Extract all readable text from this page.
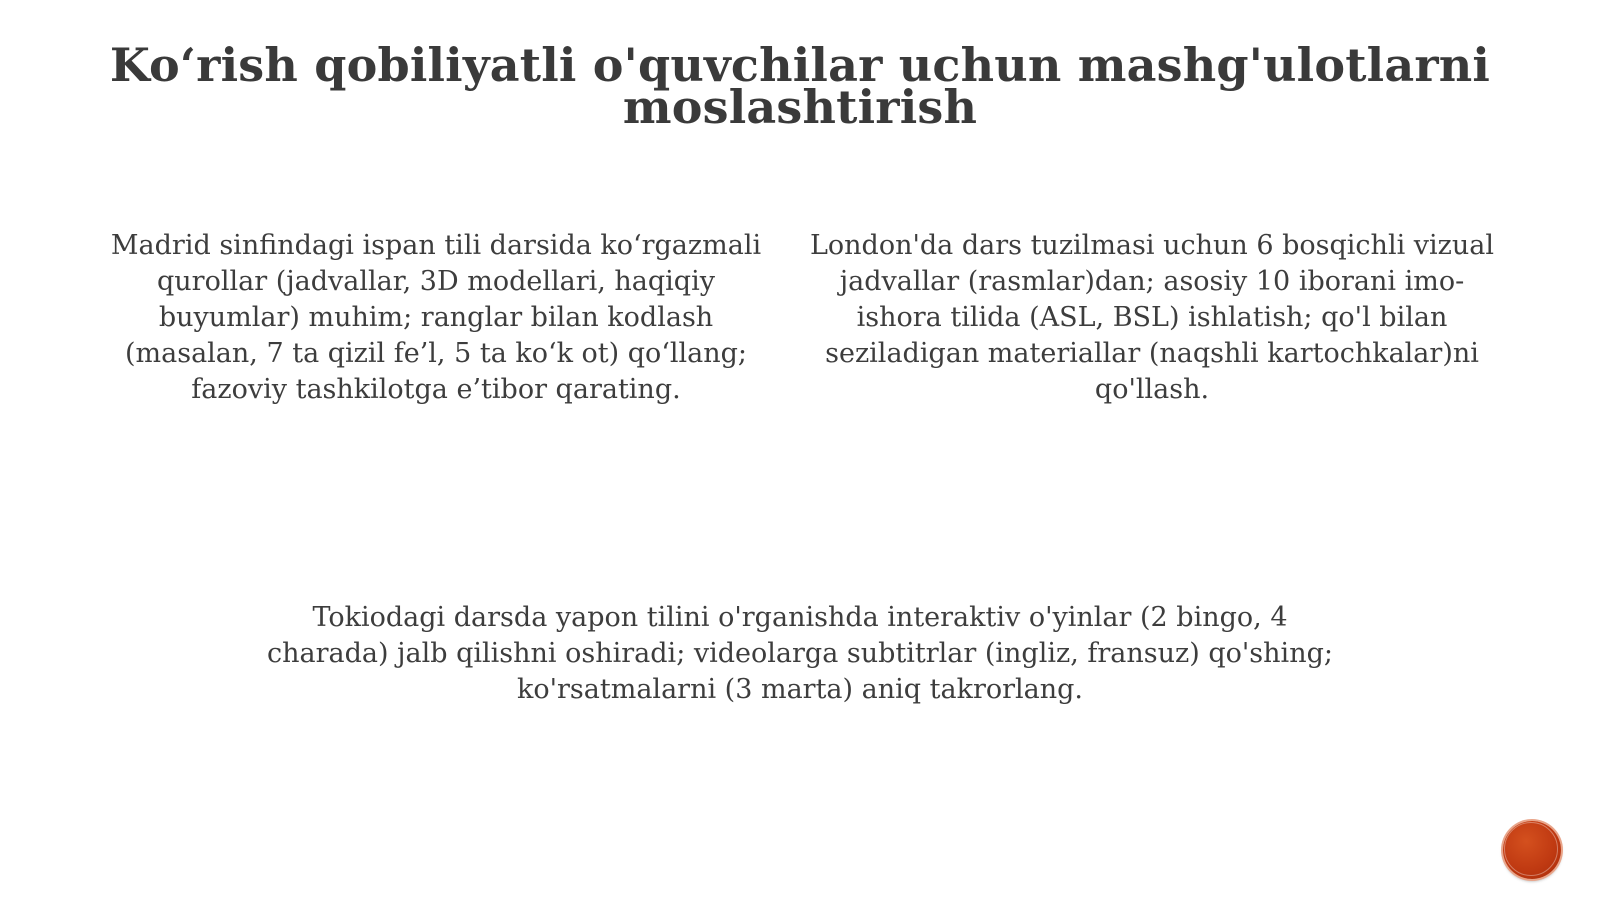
Ko‘rish qobiliyatli o'quvchilar uchun mashg'ulotlarni moslashtirish

Madrid sinfindagi ispan tili darsida ko‘rgazmali qurollar (jadvallar, 3D modellari, haqiqiy buyumlar) muhim; ranglar bilan kodlash (masalan, 7 ta qizil fe’l, 5 ta ko‘k ot) qo‘llang; fazoviy tashkilotga e’tibor qarating.

London'da dars tuzilmasi uchun 6 bosqichli vizual jadvallar (rasmlar)dan; asosiy 10 iborani imo-ishora tilida (ASL, BSL) ishlatish; qo'l bilan seziladigan materiallar (naqshli kartochkalar)ni qo'llash.

Tokiodagi darsda yapon tilini o'rganishda interaktiv o'yinlar (2 bingo, 4 charada) jalb qilishni oshiradi; videolarga subtitrlar (ingliz, fransuz) qo'shing; ko'rsatmalarni (3 marta) aniq takrorlang.
